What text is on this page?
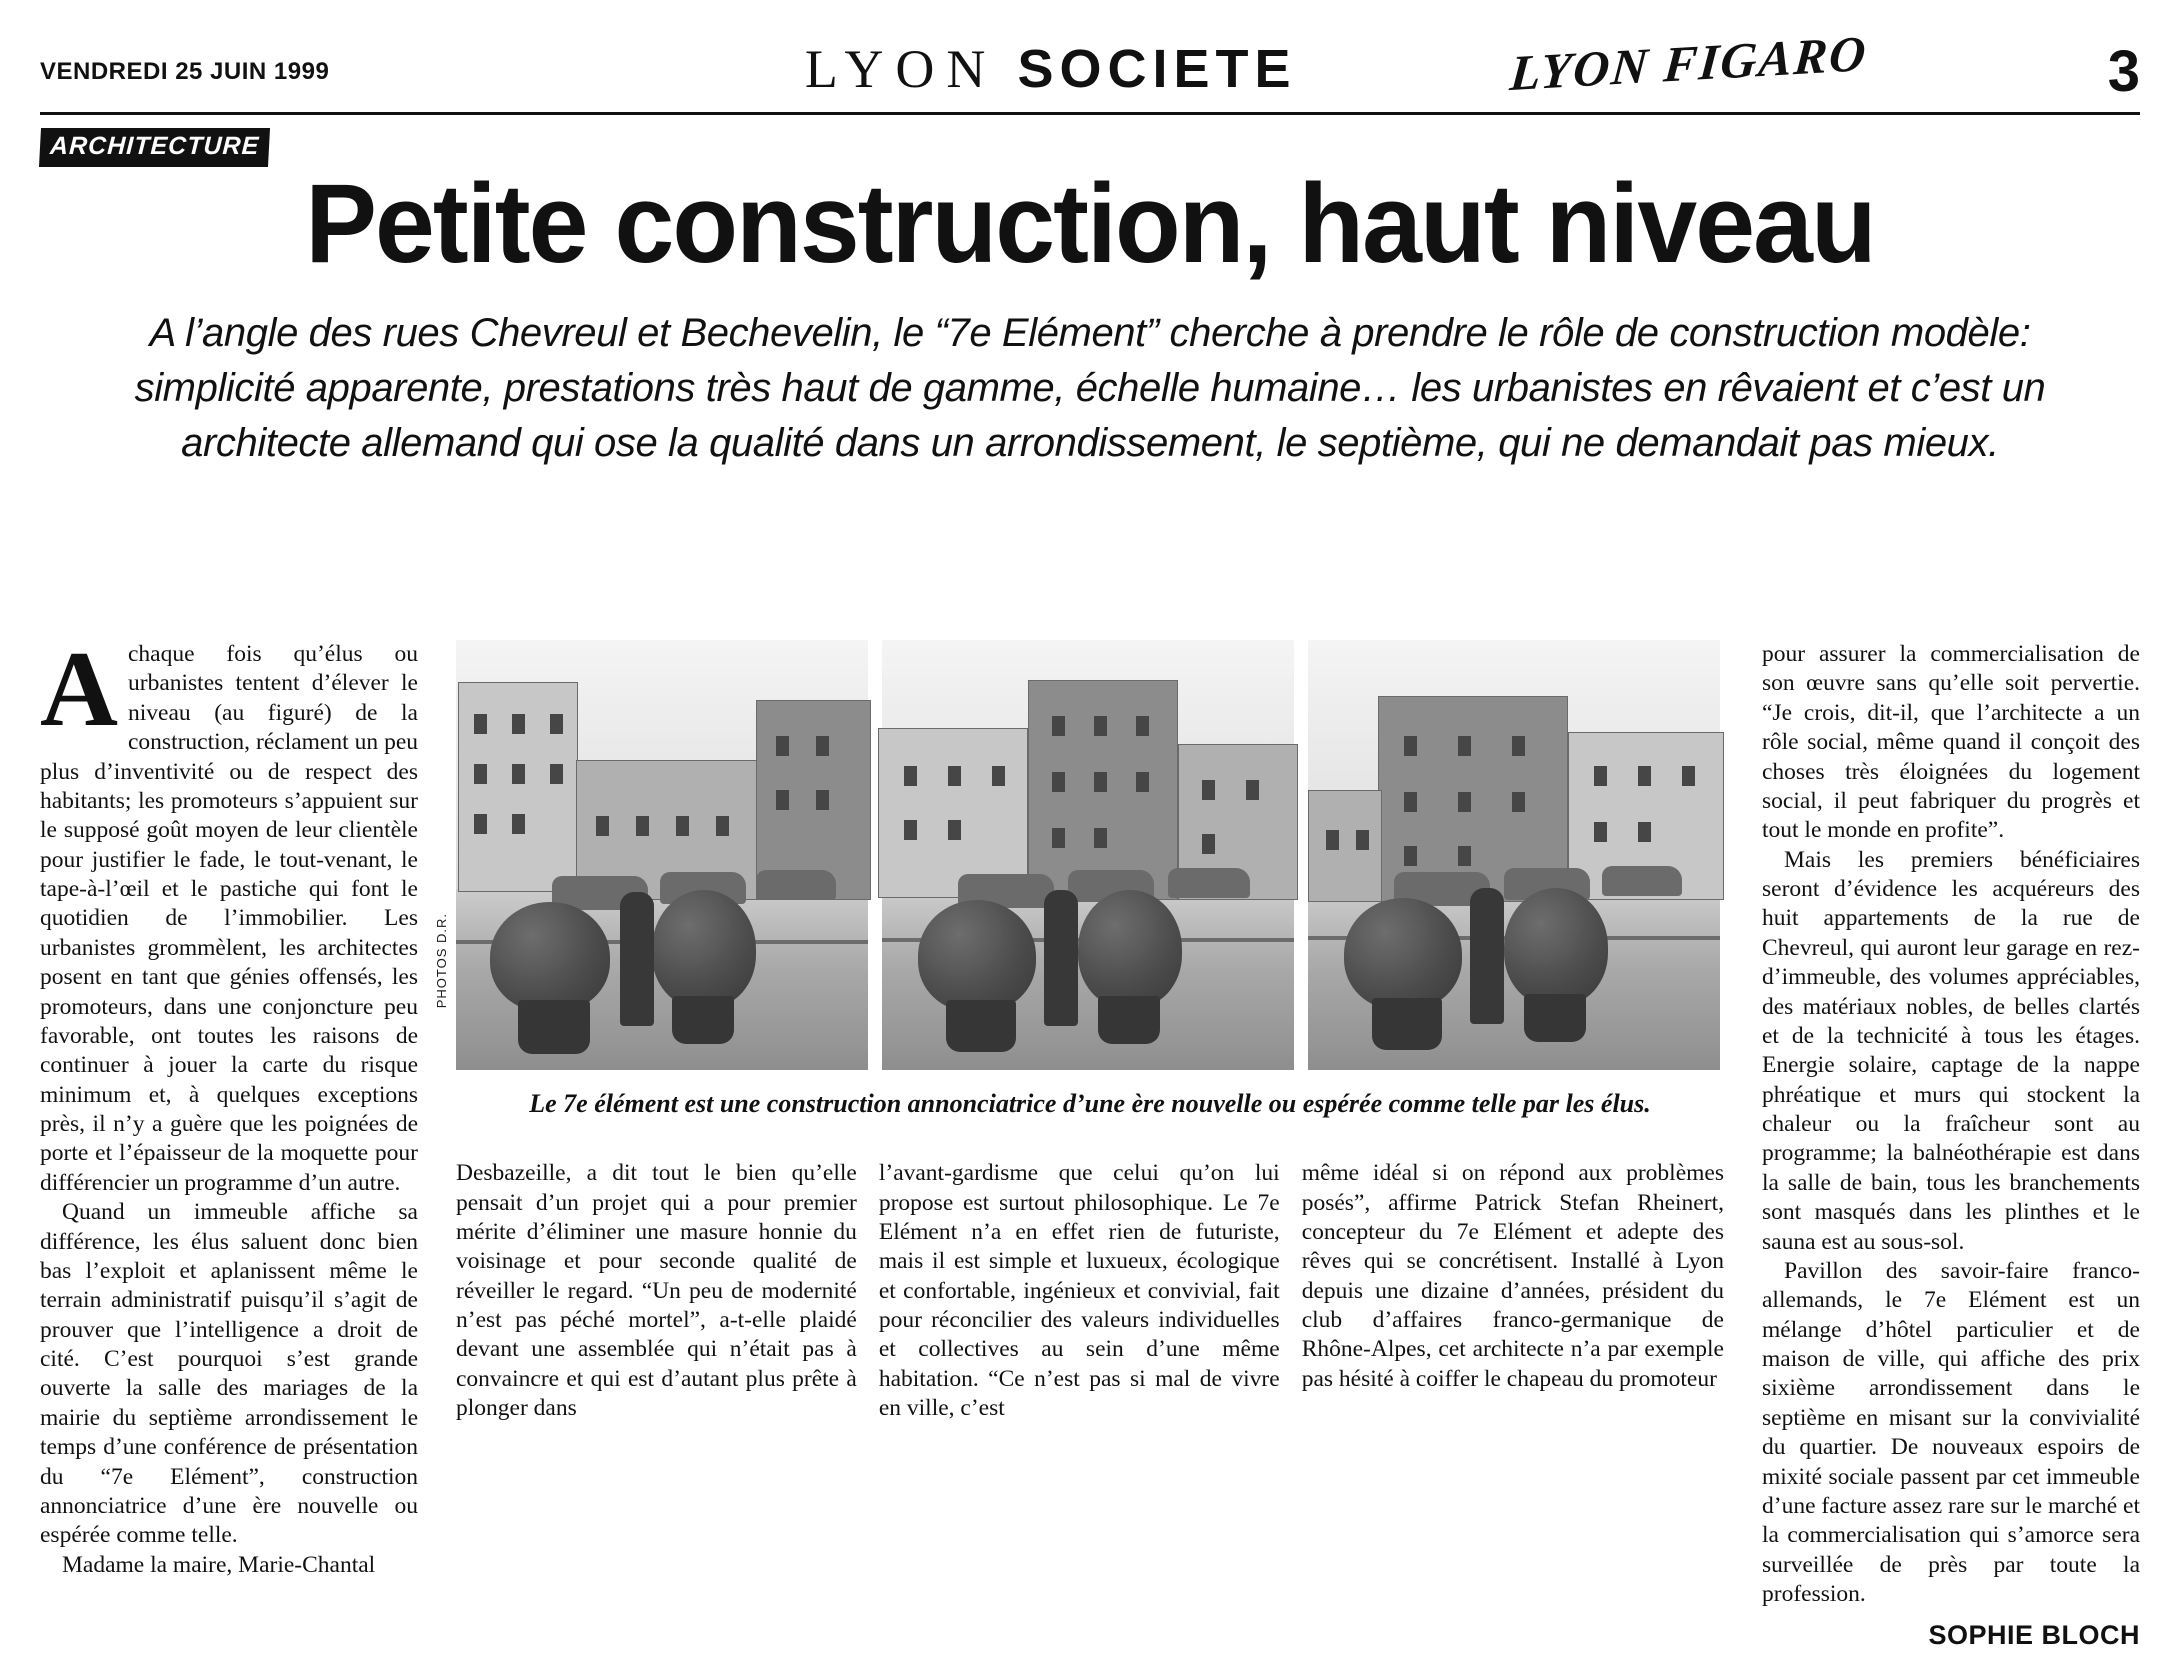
VENDREDI 25 JUIN 1999	LYON SOCIETE	LYON FIGARO	3
ARCHITECTURE
Petite construction, haut niveau
A l’angle des rues Chevreul et Bechevelin, le “7e Elément” cherche à prendre le rôle de construction modèle: simplicité apparente, prestations très haut de gamme, échelle humaine… les urbanistes en rêvaient et c’est un architecte allemand qui ose la qualité dans un arrondissement, le septième, qui ne demandait pas mieux.

Achaque fois qu’élus ou urbanistes tentent d’élever le niveau (au figuré) de la construction, réclament un peu plus d’inventivité ou de respect des habitants; les promoteurs s’appuient sur le supposé goût moyen de leur clientèle pour justifier le fade, le tout-venant, le tape-à-l’œil et le pastiche qui font le quotidien de l’immobilier. Les urbanistes grommèlent, les architectes posent en tant que génies offensés, les promoteurs, dans une conjoncture peu favorable, ont toutes les raisons de continuer à jouer la carte du risque minimum et, à quelques exceptions près, il n’y a guère que les poignées de porte et l’épaisseur de la moquette pour différencier un programme d’un autre.

Quand un immeuble affiche sa différence, les élus saluent donc bien bas l’exploit et aplanissent même le terrain administratif puisqu’il s’agit de prouver que l’intelligence a droit de cité. C’est pourquoi s’est grande ouverte la salle des mariages de la mairie du septième arrondissement le temps d’une conférence de présentation du “7e Elément”, construction annonciatrice d’une ère nouvelle ou espérée comme telle.

Madame la maire, Marie-Chantal

PHOTOS D.R.
Le 7e élément est une construction annonciatrice d’une ère nouvelle ou espérée comme telle par les élus.

Desbazeille, a dit tout le bien qu’elle pensait d’un projet qui a pour premier mérite d’éliminer une masure honnie du voisinage et pour seconde qualité de réveiller le regard. “Un peu de modernité n’est pas péché mortel”, a-t-elle plaidé devant une assemblée qui n’était pas à convaincre et qui est d’autant plus prête à plonger dans

l’avant-gardisme que celui qu’on lui propose est surtout philosophique. Le 7e Elément n’a en effet rien de futuriste, mais il est simple et luxueux, écologique et confortable, ingénieux et convivial, fait pour réconcilier des valeurs individuelles et collectives au sein d’une même habitation. “Ce n’est pas si mal de vivre en ville, c’est

même idéal si on répond aux problèmes posés”, affirme Patrick Stefan Rheinert, concepteur du 7e Elément et adepte des rêves qui se concrétisent. Installé à Lyon depuis une dizaine d’années, président du club d’affaires franco-germanique de Rhône-Alpes, cet architecte n’a par exemple pas hésité à coiffer le chapeau du promoteur

pour assurer la commercialisation de son œuvre sans qu’elle soit pervertie. “Je crois, dit-il, que l’architecte a un rôle social, même quand il conçoit des choses très éloignées du logement social, il peut fabriquer du progrès et tout le monde en profite”.

Mais les premiers bénéficiaires seront d’évidence les acquéreurs des huit appartements de la rue de Chevreul, qui auront leur garage en rez-d’immeuble, des volumes appréciables, des matériaux nobles, de belles clartés et de la technicité à tous les étages. Energie solaire, captage de la nappe phréatique et murs qui stockent la chaleur ou la fraîcheur sont au programme; la balnéothérapie est dans la salle de bain, tous les branchements sont masqués dans les plinthes et le sauna est au sous-sol.

Pavillon des savoir-faire franco-allemands, le 7e Elément est un mélange d’hôtel particulier et de maison de ville, qui affiche des prix sixième arrondissement dans le septième en misant sur la convivialité du quartier. De nouveaux espoirs de mixité sociale passent par cet immeuble d’une facture assez rare sur le marché et la commercialisation qui s’amorce sera surveillée de près par toute la profession.

SOPHIE BLOCH
